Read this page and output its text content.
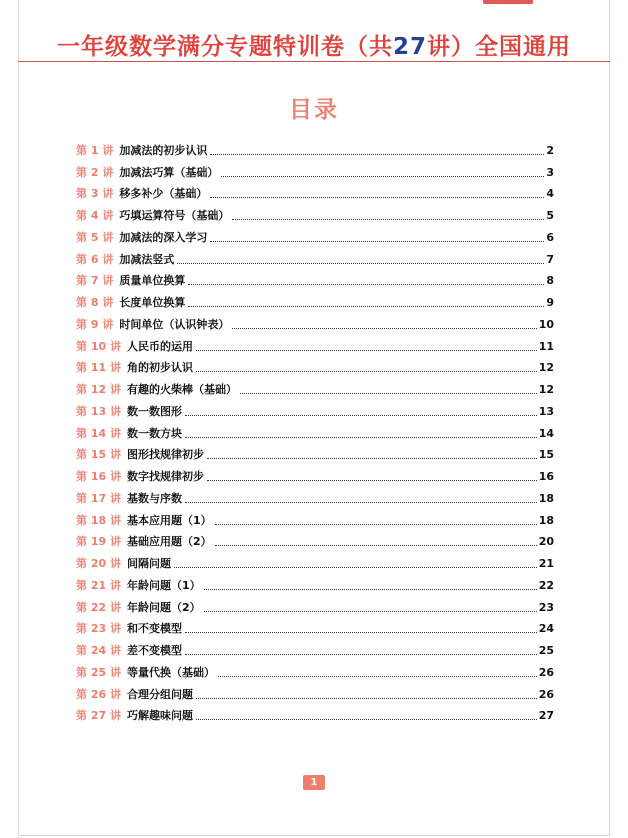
一年级数学满分专题特训卷（共27讲）全国通用
目录
第 1 讲 加减法的初步认识	2
第 2 讲 加减法巧算（基础）	3
第 3 讲 移多补少（基础）	4
第 4 讲 巧填运算符号（基础）	5
第 5 讲 加减法的深入学习	6
第 6 讲 加减法竖式	7
第 7 讲 质量单位换算	8
第 8 讲 长度单位换算	9
第 9 讲 时间单位（认识钟表）	10
第 10 讲 人民币的运用	11
第 11 讲 角的初步认识	12
第 12 讲 有趣的火柴棒（基础）	12
第 13 讲 数一数图形	13
第 14 讲 数一数方块	14
第 15 讲 图形找规律初步	15
第 16 讲 数字找规律初步	16
第 17 讲 基数与序数	18
第 18 讲 基本应用题（1）	18
第 19 讲 基础应用题（2）	20
第 20 讲 间隔问题	21
第 21 讲 年龄问题（1）	22
第 22 讲 年龄问题（2）	23
第 23 讲 和不变模型	24
第 24 讲 差不变模型	25
第 25 讲 等量代换（基础）	26
第 26 讲 合理分组问题	26
第 27 讲 巧解趣味问题	27
1
